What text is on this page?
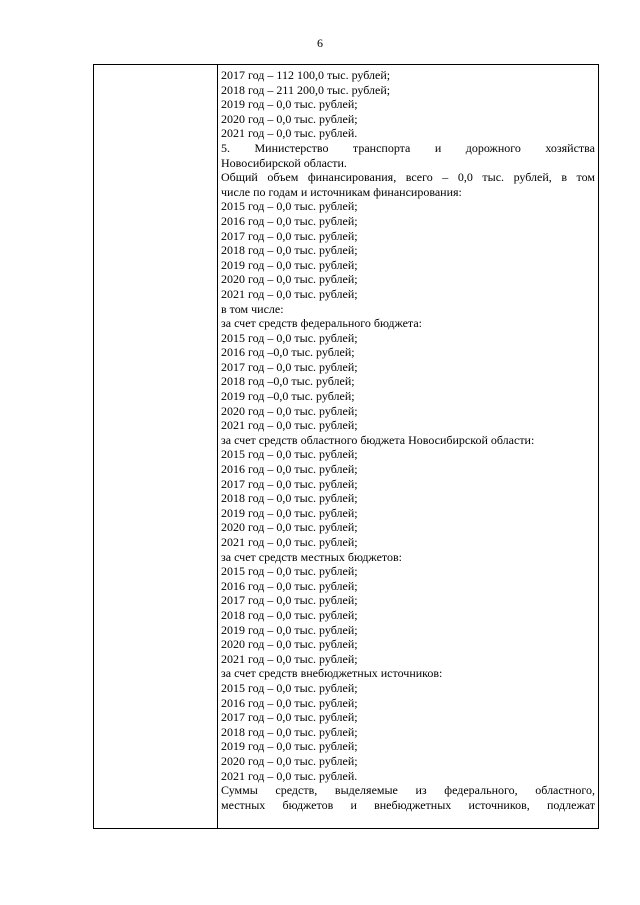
6
2017 год – 112 100,0 тыс. рублей;
2018 год – 211 200,0 тыс. рублей;
2019 год – 0,0 тыс. рублей;
2020 год – 0,0 тыс. рублей;
2021 год – 0,0 тыс. рублей.
5. Министерство транспорта и дорожного хозяйства
Новосибирской области.
Общий объем финансирования, всего – 0,0 тыс. рублей, в том
числе по годам и источникам финансирования:
2015 год – 0,0 тыс. рублей;
2016 год – 0,0 тыс. рублей;
2017 год – 0,0 тыс. рублей;
2018 год – 0,0 тыс. рублей;
2019 год – 0,0 тыс. рублей;
2020 год – 0,0 тыс. рублей;
2021 год – 0,0 тыс. рублей;
в том числе:
за счет средств федерального бюджета:
2015 год – 0,0 тыс. рублей;
2016 год –0,0 тыс. рублей;
2017 год – 0,0 тыс. рублей;
2018 год –0,0 тыс. рублей;
2019 год –0,0 тыс. рублей;
2020 год – 0,0 тыс. рублей;
2021 год – 0,0 тыс. рублей;
за счет средств областного бюджета Новосибирской области:
2015 год – 0,0 тыс. рублей;
2016 год – 0,0 тыс. рублей;
2017 год – 0,0 тыс. рублей;
2018 год – 0,0 тыс. рублей;
2019 год – 0,0 тыс. рублей;
2020 год – 0,0 тыс. рублей;
2021 год – 0,0 тыс. рублей;
за счет средств местных бюджетов:
2015 год – 0,0 тыс. рублей;
2016 год – 0,0 тыс. рублей;
2017 год – 0,0 тыс. рублей;
2018 год – 0,0 тыс. рублей;
2019 год – 0,0 тыс. рублей;
2020 год – 0,0 тыс. рублей;
2021 год – 0,0 тыс. рублей;
за счет средств внебюджетных источников:
2015 год – 0,0 тыс. рублей;
2016 год – 0,0 тыс. рублей;
2017 год – 0,0 тыс. рублей;
2018 год – 0,0 тыс. рублей;
2019 год – 0,0 тыс. рублей;
2020 год – 0,0 тыс. рублей;
2021 год – 0,0 тыс. рублей.
Суммы средств, выделяемые из федерального, областного,
местных бюджетов и внебюджетных источников, подлежат
